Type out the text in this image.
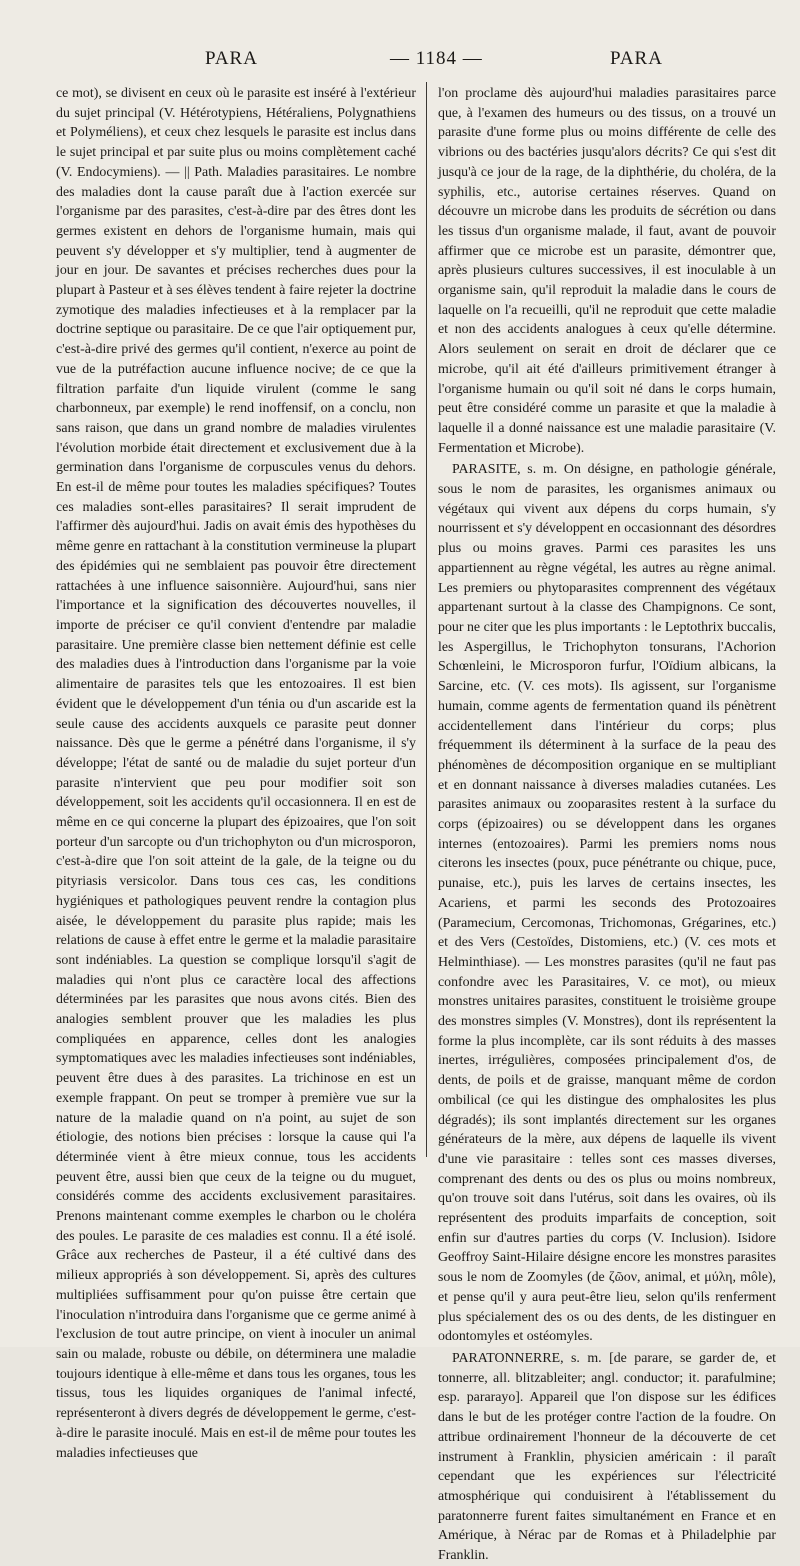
PARA	— 1184 —	PARA

ce mot), se divisent en ceux où le parasite est inséré à l'extérieur du sujet principal (V. Hétérotypiens, Hétéraliens, Polygnathiens et Polyméliens), et ceux chez lesquels le parasite est inclus dans le sujet principal et par suite plus ou moins complètement caché (V. Endocymiens). — || Path. Maladies parasitaires. Le nombre des maladies dont la cause paraît due à l'action exercée sur l'organisme par des parasites, c'est-à-dire par des êtres dont les germes existent en dehors de l'organisme humain, mais qui peuvent s'y développer et s'y multiplier, tend à augmenter de jour en jour. De savantes et précises recherches dues pour la plupart à Pasteur et à ses élèves tendent à faire rejeter la doctrine zymotique des maladies infectieuses et à la remplacer par la doctrine septique ou parasitaire. De ce que l'air optiquement pur, c'est-à-dire privé des germes qu'il contient, n'exerce au point de vue de la putréfaction aucune influence nocive; de ce que la filtration parfaite d'un liquide virulent (comme le sang charbonneux, par exemple) le rend inoffensif, on a conclu, non sans raison, que dans un grand nombre de maladies virulentes l'évolution morbide était directement et exclusivement due à la germination dans l'organisme de corpuscules venus du dehors. En est-il de même pour toutes les maladies spécifiques? Toutes ces maladies sont-elles parasitaires? Il serait imprudent de l'affirmer dès aujourd'hui. Jadis on avait émis des hypothèses du même genre en rattachant à la constitution vermineuse la plupart des épidémies qui ne semblaient pas pouvoir être directement rattachées à une influence saisonnière. Aujourd'hui, sans nier l'importance et la signification des découvertes nouvelles, il importe de préciser ce qu'il convient d'entendre par maladie parasitaire. Une première classe bien nettement définie est celle des maladies dues à l'introduction dans l'organisme par la voie alimentaire de parasites tels que les entozoaires. Il est bien évident que le développement d'un ténia ou d'un ascaride est la seule cause des accidents auxquels ce parasite peut donner naissance. Dès que le germe a pénétré dans l'organisme, il s'y développe; l'état de santé ou de maladie du sujet porteur d'un parasite n'intervient que peu pour modifier soit son développement, soit les accidents qu'il occasionnera. Il en est de même en ce qui concerne la plupart des épizoaires, que l'on soit porteur d'un sarcopte ou d'un trichophyton ou d'un microsporon, c'est-à-dire que l'on soit atteint de la gale, de la teigne ou du pityriasis versicolor. Dans tous ces cas, les conditions hygiéniques et pathologiques peuvent rendre la contagion plus aisée, le développement du parasite plus rapide; mais les relations de cause à effet entre le germe et la maladie parasitaire sont indéniables. La question se complique lorsqu'il s'agit de maladies qui n'ont plus ce caractère local des affections déterminées par les parasites que nous avons cités. Bien des analogies semblent prouver que les maladies les plus compliquées en apparence, celles dont les analogies symptomatiques avec les maladies infectieuses sont indéniables, peuvent être dues à des parasites. La trichinose en est un exemple frappant. On peut se tromper à première vue sur la nature de la maladie quand on n'a point, au sujet de son étiologie, des notions bien précises : lorsque la cause qui l'a déterminée vient à être mieux connue, tous les accidents peuvent être, aussi bien que ceux de la teigne ou du muguet, considérés comme des accidents exclusivement parasitaires. Prenons maintenant comme exemples le charbon ou le choléra des poules. Le parasite de ces maladies est connu. Il a été isolé. Grâce aux recherches de Pasteur, il a été cultivé dans des milieux appropriés à son développement. Si, après des cultures multipliées suffisamment pour qu'on puisse être certain que l'inoculation n'introduira dans l'organisme que ce germe animé à l'exclusion de tout autre principe, on vient à inoculer un animal sain ou malade, robuste ou débile, on déterminera une maladie toujours identique à elle-même et dans tous les organes, tous les tissus, tous les liquides organiques de l'animal infecté, représenteront à divers degrés de développement le germe, c'est-à-dire le parasite inoculé. Mais en est-il de même pour toutes les maladies infectieuses que

l'on proclame dès aujourd'hui maladies parasitaires parce que, à l'examen des humeurs ou des tissus, on a trouvé un parasite d'une forme plus ou moins différente de celle des vibrions ou des bactéries jusqu'alors décrits? Ce qui s'est dit jusqu'à ce jour de la rage, de la diphthérie, du choléra, de la syphilis, etc., autorise certaines réserves. Quand on découvre un microbe dans les produits de sécrétion ou dans les tissus d'un organisme malade, il faut, avant de pouvoir affirmer que ce microbe est un parasite, démontrer que, après plusieurs cultures successives, il est inoculable à un organisme sain, qu'il reproduit la maladie dans le cours de laquelle on l'a recueilli, qu'il ne reproduit que cette maladie et non des accidents analogues à ceux qu'elle détermine. Alors seulement on serait en droit de déclarer que ce microbe, qu'il ait été d'ailleurs primitivement étranger à l'organisme humain ou qu'il soit né dans le corps humain, peut être considéré comme un parasite et que la maladie à laquelle il a donné naissance est une maladie parasitaire (V. Fermentation et Microbe).

PARASITE, s. m. On désigne, en pathologie générale, sous le nom de parasites, les organismes animaux ou végétaux qui vivent aux dépens du corps humain, s'y nourrissent et s'y développent en occasionnant des désordres plus ou moins graves. Parmi ces parasites les uns appartiennent au règne végétal, les autres au règne animal. Les premiers ou phytoparasites comprennent des végétaux appartenant surtout à la classe des Champignons. Ce sont, pour ne citer que les plus importants : le Leptothrix buccalis, les Aspergillus, le Trichophyton tonsurans, l'Achorion Schœnleini, le Microsporon furfur, l'Oïdium albicans, la Sarcine, etc. (V. ces mots). Ils agissent, sur l'organisme humain, comme agents de fermentation quand ils pénètrent accidentellement dans l'intérieur du corps; plus fréquemment ils déterminent à la surface de la peau des phénomènes de décomposition organique en se multipliant et en donnant naissance à diverses maladies cutanées. Les parasites animaux ou zooparasites restent à la surface du corps (épizoaires) ou se développent dans les organes internes (entozoaires). Parmi les premiers noms nous citerons les insectes (poux, puce pénétrante ou chique, puce, punaise, etc.), puis les larves de certains insectes, les Acariens, et parmi les seconds des Protozoaires (Paramecium, Cercomonas, Trichomonas, Grégarines, etc.) et des Vers (Cestoïdes, Distomiens, etc.) (V. ces mots et Helminthiase). — Les monstres parasites (qu'il ne faut pas confondre avec les Parasitaires, V. ce mot), ou mieux monstres unitaires parasites, constituent le troisième groupe des monstres simples (V. Monstres), dont ils représentent la forme la plus incomplète, car ils sont réduits à des masses inertes, irrégulières, composées principalement d'os, de dents, de poils et de graisse, manquant même de cordon ombilical (ce qui les distingue des omphalosites les plus dégradés); ils sont implantés directement sur les organes générateurs de la mère, aux dépens de laquelle ils vivent d'une vie parasitaire : telles sont ces masses diverses, comprenant des dents ou des os plus ou moins nombreux, qu'on trouve soit dans l'utérus, soit dans les ovaires, où ils représentent des produits imparfaits de conception, soit enfin sur d'autres parties du corps (V. Inclusion). Isidore Geoffroy Saint-Hilaire désigne encore les monstres parasites sous le nom de Zoomyles (de ζῶον, animal, et μύλη, môle), et pense qu'il y aura peut-être lieu, selon qu'ils renferment plus spécialement des os ou des dents, de les distinguer en odontomyles et ostéomyles.

PARATONNERRE, s. m. [de parare, se garder de, et tonnerre, all. blitzableiter; angl. conductor; it. parafulmine; esp. pararayo]. Appareil que l'on dispose sur les édifices dans le but de les protéger contre l'action de la foudre. On attribue ordinairement l'honneur de la découverte de cet instrument à Franklin, physicien américain : il paraît cependant que les expériences sur l'électricité atmosphérique qui conduisirent à l'établissement du paratonnerre furent faites simultanément en France et en Amérique, à Nérac par de Romas et à Philadelphie par Franklin.
